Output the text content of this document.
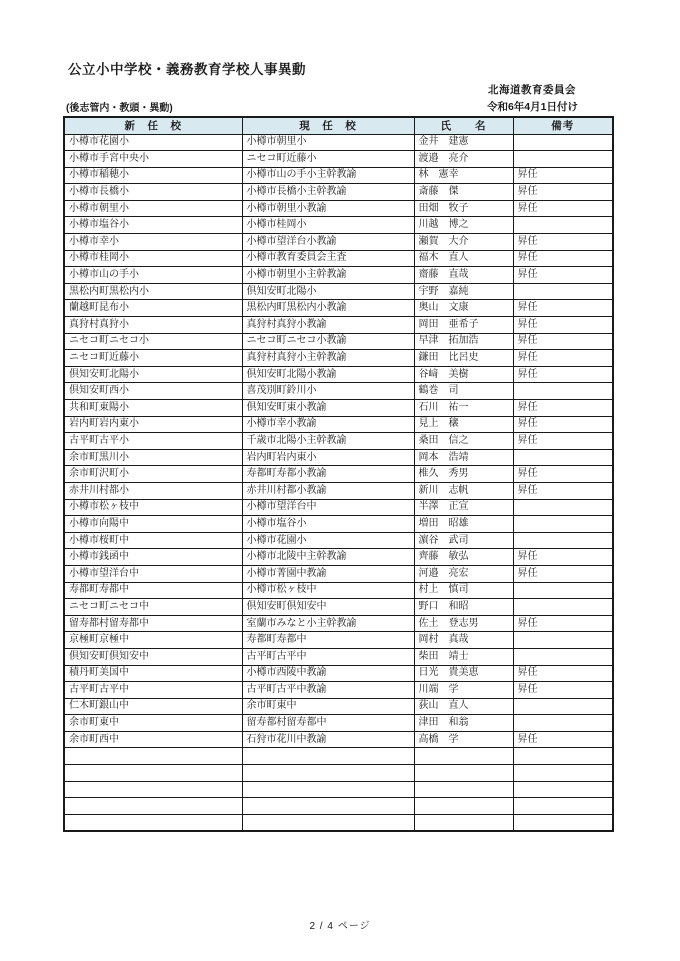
公立小中学校・義務教育学校人事異動
北海道教育委員会
(後志管内・教頭・異動)	令和6年4月1日付け
新　任　校	現　任　校	氏　　名	備考
小樽市花園小	小樽市朝里小	金井　建憲	
小樽市手宮中央小	ニセコ町近藤小	渡邉　亮介	
小樽市稲穂小	小樽市山の手小主幹教諭	林　憲幸	昇任
小樽市長橋小	小樽市長橋小主幹教諭	斎藤　傑	昇任
小樽市朝里小	小樽市朝里小教諭	田畑　牧子	昇任
小樽市塩谷小	小樽市桂岡小	川越　博之	
小樽市幸小	小樽市望洋台小教諭	瀬賀　大介	昇任
小樽市桂岡小	小樽市教育委員会主査	福木　直人	昇任
小樽市山の手小	小樽市朝里小主幹教諭	齋藤　直哉	昇任
黒松内町黒松内小	倶知安町北陽小	宇野　嘉純	
蘭越町昆布小	黒松内町黒松内小教諭	奥山　文康	昇任
真狩村真狩小	真狩村真狩小教諭	岡田　亜希子	昇任
ニセコ町ニセコ小	ニセコ町ニセコ小教諭	早津　拓加浩	昇任
ニセコ町近藤小	真狩村真狩小主幹教諭	鎌田　比呂史	昇任
倶知安町北陽小	倶知安町北陽小教諭	谷﨑　美樹	昇任
倶知安町西小	喜茂別町鈴川小	鶴巻　司	
共和町東陽小	倶知安町東小教諭	石川　祐一	昇任
岩内町岩内東小	小樽市幸小教諭	見上　穣	昇任
古平町古平小	千歳市北陽小主幹教諭	桑田　信之	昇任
余市町黒川小	岩内町岩内東小	岡本　浩靖	
余市町沢町小	寿都町寿都小教諭	椎久　秀男	昇任
赤井川村都小	赤井川村都小教諭	新川　志帆	昇任
小樽市松ヶ枝中	小樽市望洋台中	半澤　正宣	
小樽市向陽中	小樽市塩谷小	増田　昭雄	
小樽市桜町中	小樽市花園小	濵谷　武司	
小樽市銭函中	小樽市北陵中主幹教諭	齊藤　敏弘	昇任
小樽市望洋台中	小樽市菁園中教諭	河邉　亮宏	昇任
寿都町寿都中	小樽市松ヶ枝中	村上　慎司	
ニセコ町ニセコ中	倶知安町倶知安中	野口　和昭	
留寿都村留寿都中	室蘭市みなと小主幹教諭	佐土　登志男	昇任
京極町京極中	寿都町寿都中	岡村　真哉	
倶知安町倶知安中	古平町古平中	柴田　靖士	
積丹町美国中	小樽市西陵中教諭	日光　貴美恵	昇任
古平町古平中	古平町古平中教諭	川端　学	昇任
仁木町銀山中	余市町東中	荻山　直人	
余市町東中	留寿都村留寿都中	津田　和翁	
余市町西中	石狩市花川中教諭	高橋　学	昇任

2 / 4 ページ
